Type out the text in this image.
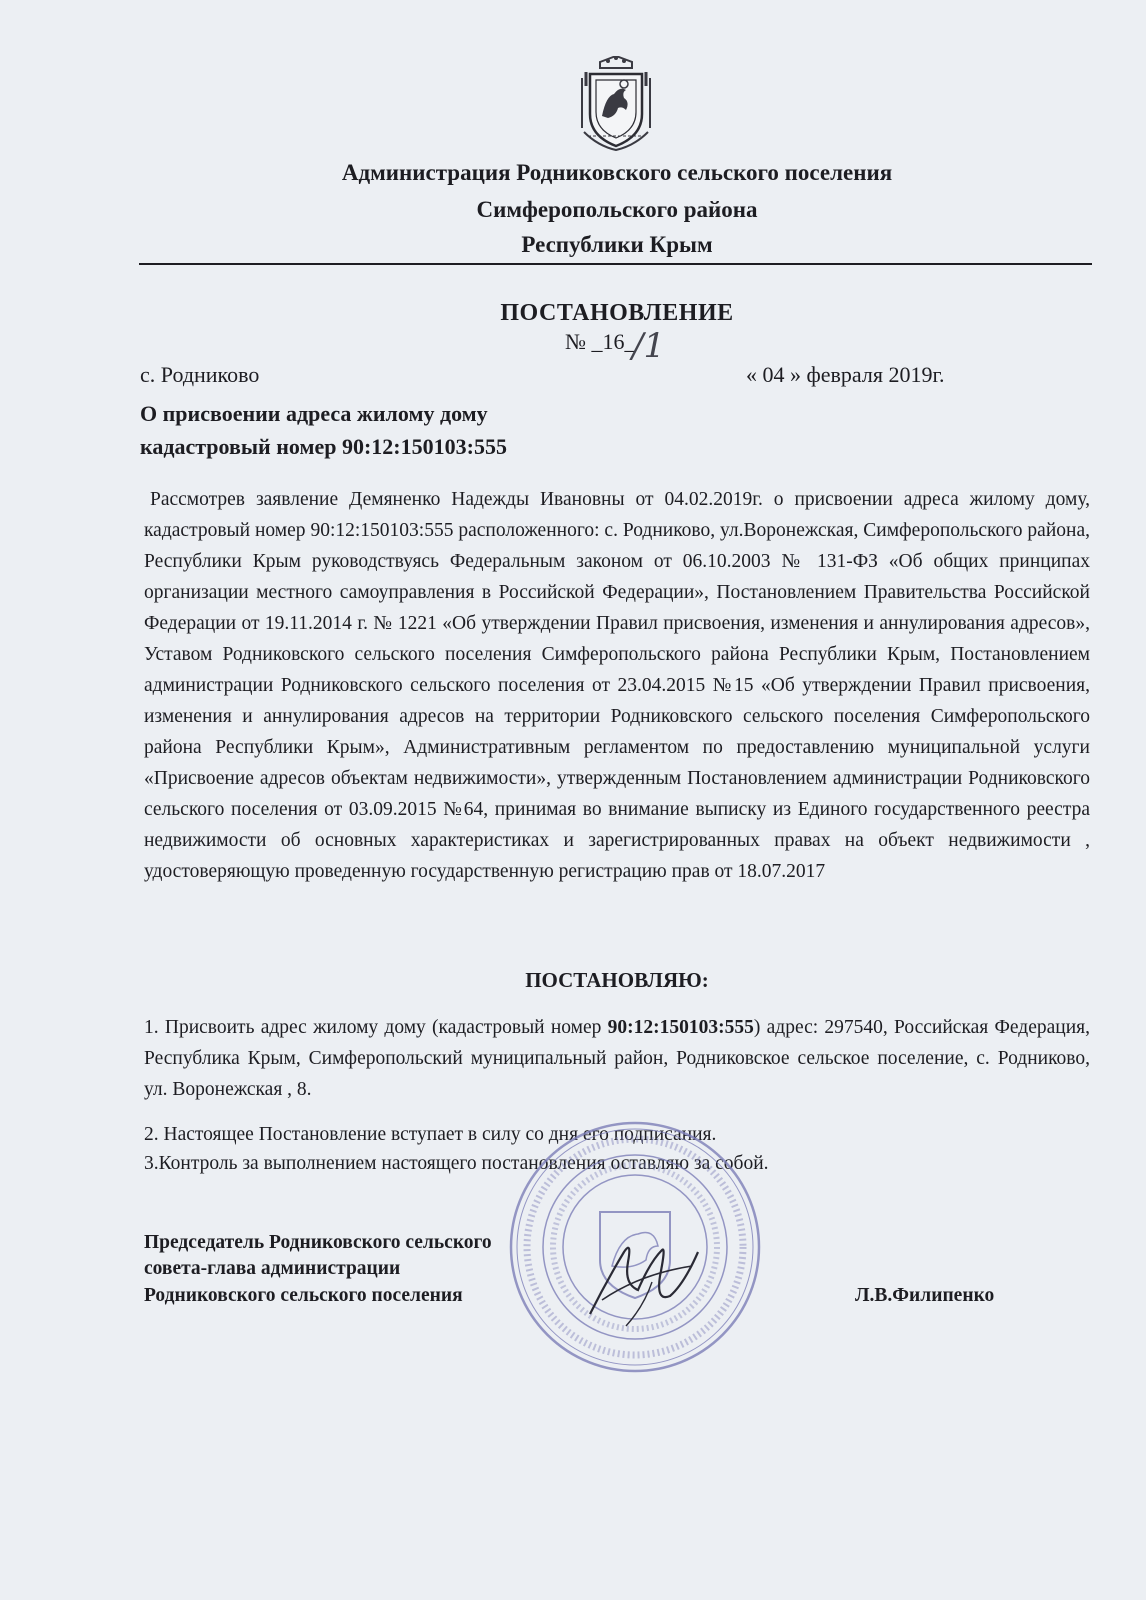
Администрация Родниковского сельского поселения
Симферопольского района
Республики Крым
ПОСТАНОВЛЕНИЕ
№ _16_
/1
с. Родниково	« 04 » февраля 2019г.
О присвоении адреса жилому дому
кадастровый номер 90:12:150103:555

Рассмотрев заявление Демяненко Надежды Ивановны от 04.02.2019г. о присвоении адреса жилому дому, кадастровый номер 90:12:150103:555 расположенного: с. Родниково, ул.Воронежская, Симферопольского района, Республики Крым руководствуясь Федеральным законом от 06.10.2003 № 131-ФЗ «Об общих принципах организации местного самоуправления в Российской Федерации», Постановлением Правительства Российской Федерации от 19.11.2014 г. № 1221 «Об утверждении Правил присвоения, изменения и аннулирования адресов», Уставом Родниковского сельского поселения Симферопольского района Республики Крым, Постановлением администрации Родниковского сельского поселения от 23.04.2015 №15 «Об утверждении Правил присвоения, изменения и аннулирования адресов на территории Родниковского сельского поселения Симферопольского района Республики Крым», Административным регламентом по предоставлению муниципальной услуги «Присвоение адресов объектам недвижимости», утвержденным Постановлением администрации Родниковского сельского поселения от 03.09.2015 №64, принимая во внимание выписку из Единого государственного реестра недвижимости об основных характеристиках и зарегистрированных правах на объект недвижимости , удостоверяющую проведенную государственную регистрацию прав от 18.07.2017

ПОСТАНОВЛЯЮ:
1. Присвоить адрес жилому дому (кадастровый номер 90:12:150103:555) адрес: 297540, Российская Федерация, Республика Крым, Симферопольский муниципальный район, Родниковское сельское поселение, с. Родниково, ул. Воронежская , 8.
2. Настоящее Постановление вступает в силу со дня его подписания.
3.Контроль за выполнением настоящего постановления оставляю за собой.
Председатель Родниковского сельского
совета-глава администрации
Родниковского сельского поселения	Л.В.Филипенко
